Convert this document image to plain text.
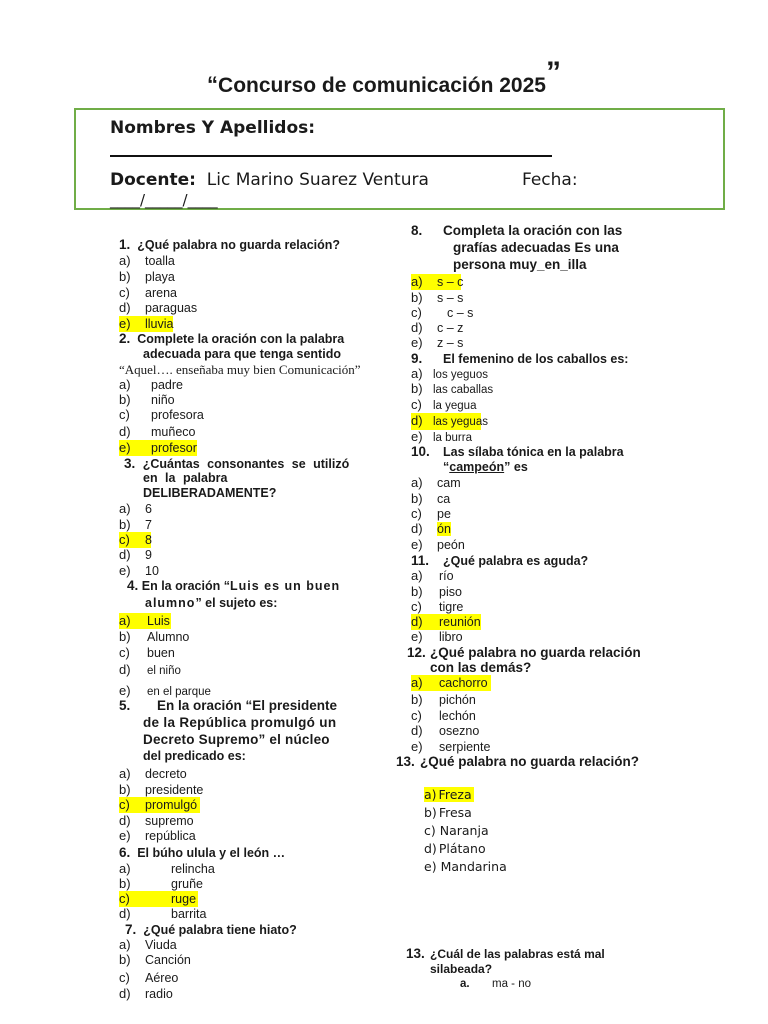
“Concurso de comunicación 2025”
Nombres Y Apellidos:
Docente: Lic Marino Suarez Ventura	Fecha:
____/_____/____
1. ¿Qué palabra no guarda relación?
a) toalla
b) playa
c) arena
d) paraguas
e) lluvia
2. Complete la oración con la palabra
adecuada para que tenga sentido
“Aquel…. enseñaba muy bien Comunicación”
a) padre
b) niño
c) profesora
d) muñeco
e) profesor
3. ¿Cuántas consonantes se utilizó
en la palabra
DELIBERADAMENTE?
a) 6
b) 7
c) 8
d) 9
e) 10
4. En la oración “Luis es un buen
alumno” el sujeto es:
a) Luis
b) Alumno
c) buen
d) el niño
e) en el parque
5. En la oración “El presidente
de la República promulgó un
Decreto Supremo” el núcleo
del predicado es:
a) decreto
b) presidente
c) promulgó
d) supremo
e) república
6. El búho ulula y el león …
a)	relincha
b)	gruñe
c)	ruge
d)	barrita
7. ¿Qué palabra tiene hiato?
a) Viuda
b) Canción
c) Aéreo
d) radio
8. Completa la oración con las
grafías adecuadas Es una
persona muy_en_illa
a) s – c
b) s – s
c) c – s
d) c – z
e) z – s
9. El femenino de los caballos es:
a) los yeguos
b) las caballas
c) la yegua
d) las yeguas
e) la burra
10. Las sílaba tónica en la palabra
“campeón” es
a) cam
b) ca
c) pe
d) ón
e) peón
11. ¿Qué palabra es aguda?
a) río
b) piso
c) tigre
d) reunión
e) libro
12. ¿Qué palabra no guarda relación
con las demás?
a) cachorro
b) pichón
c) lechón
d) osezno
e) serpiente
13. ¿Qué palabra no guarda relación?
a) Freza
b) Fresa
c) Naranja
d) Plátano
e) Mandarina
13. ¿Cuál de las palabras está mal
silabeada?
a. ma - no
